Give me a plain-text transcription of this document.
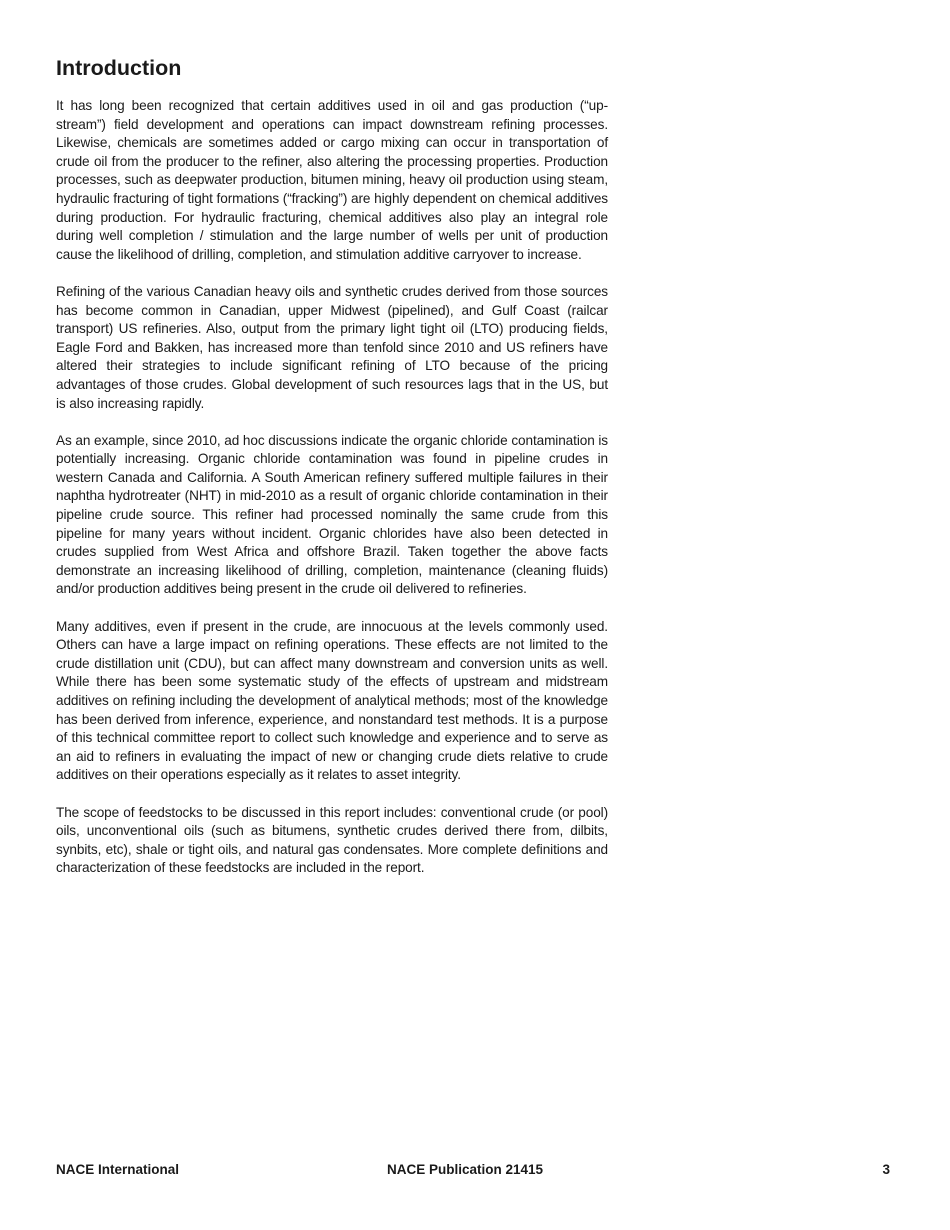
Introduction

It has long been recognized that certain additives used in oil and gas production (“up-stream”) field development and operations can impact downstream refining processes. Likewise, chemicals are sometimes added or cargo mixing can occur in transportation of crude oil from the producer to the refiner, also altering the processing properties. Production processes, such as deepwater production, bitumen mining, heavy oil production using steam, hydraulic fracturing of tight formations (“fracking”) are highly dependent on chemical additives during production. For hydraulic fracturing, chemical additives also play an integral role during well completion / stimulation and the large number of wells per unit of production cause the likelihood of drilling, completion, and stimulation additive carryover to increase.

Refining of the various Canadian heavy oils and synthetic crudes derived from those sources has become common in Canadian, upper Midwest (pipelined), and Gulf Coast (railcar transport) US refineries. Also, output from the primary light tight oil (LTO) producing fields, Eagle Ford and Bakken, has increased more than tenfold since 2010 and US refiners have altered their strategies to include significant refining of LTO because of the pricing advantages of those crudes. Global development of such resources lags that in the US, but is also increasing rapidly.

As an example, since 2010, ad hoc discussions indicate the organic chloride contamination is potentially increasing. Organic chloride contamination was found in pipeline crudes in western Canada and California. A South American refinery suffered multiple failures in their naphtha hydrotreater (NHT) in mid-2010 as a result of organic chloride contamination in their pipeline crude source. This refiner had processed nominally the same crude from this pipeline for many years without incident. Organic chlorides have also been detected in crudes supplied from West Africa and offshore Brazil. Taken together the above facts demonstrate an increasing likelihood of drilling, completion, maintenance (cleaning fluids) and/or production additives being present in the crude oil delivered to refineries.

Many additives, even if present in the crude, are innocuous at the levels commonly used. Others can have a large impact on refining operations. These effects are not limited to the crude distillation unit (CDU), but can affect many downstream and conversion units as well. While there has been some systematic study of the effects of upstream and midstream additives on refining including the development of analytical methods; most of the knowledge has been derived from inference, experience, and nonstandard test methods. It is a purpose of this technical committee report to collect such knowledge and experience and to serve as an aid to refiners in evaluating the impact of new or changing crude diets relative to crude additives on their operations especially as it relates to asset integrity.

The scope of feedstocks to be discussed in this report includes: conventional crude (or pool) oils, unconventional oils (such as bitumens, synthetic crudes derived there from, dilbits, synbits, etc), shale or tight oils, and natural gas condensates. More complete definitions and characterization of these feedstocks are included in the report.

NACE International	NACE Publication 21415	3
